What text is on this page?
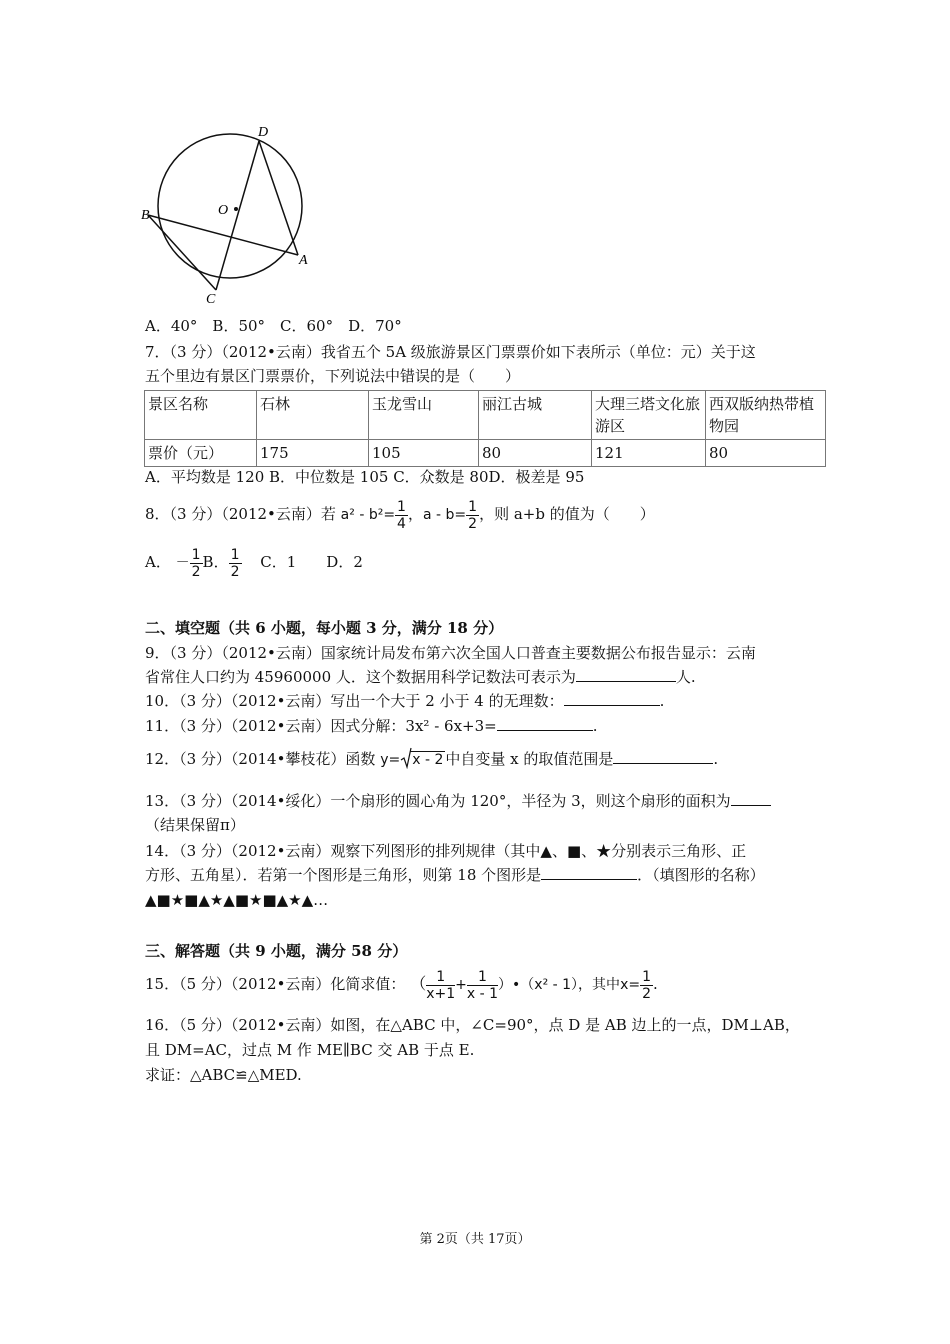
D
O
B
A
C
A．40°　B．50°　C．60°　D．70°
7．（3 分）（2012•云南）我省五个 5A 级旅游景区门票票价如下表所示（单位：元）关于这
五个里边有景区门票票价，下列说法中错误的是（　　）
景区名称	石林	玉龙雪山	丽江古城	大理三塔文化旅游区	西双版纳热带植物园
票价（元）	175	105	80	121	80
A．平均数是 120 B．中位数是 105 C．众数是 80D．极差是 95
8．（3 分）（2012•云南）若 $a^2 - b^2= \frac{1}{4}$ ，$a - b= \frac{1}{2}$ ，则 a+b 的值为（　　）
A． － $\frac{1}{2}$ B． $\frac{1}{2}$ C．1　　D．2
二、填空题（共 6 小题，每小题 3 分，满分 18 分）
9．（3 分）（2012•云南）国家统计局发布第六次全国人口普查主要数据公布报告显示：云南
省常住人口约为 45960000 人．这个数据用科学记数法可表示为	人.
10．（3 分）（2012•云南）写出一个大于 2 小于 4 的无理数：	.
11．（3 分）（2012•云南）因式分解：3x² - 6x+3=	.
12．（3 分）（2014•攀枝花）函数 y= x - 2 中自变量 x 的取值范围是	.
13．（3 分）（2014•绥化）一个扇形的圆心角为 120°，半径为 3，则这个扇形的面积为
（结果保留π）
14．（3 分）（2012•云南）观察下列图形的排列规律（其中▲、■、★分别表示三角形、正
方形、五角星）．若第一个图形是三角形，则第 18 个图形是	．（填图形的名称）
▲■★■▲★▲■★■▲★▲…
三、解答题（共 9 小题，满分 58 分）
15．（5 分）（2012•云南）化简求值： （ $\frac{1}{x+1} + \frac{1}{x - 1}$ ）•（x² - 1），其中$x= \frac{1}{2}$ .
16．（5 分）（2012•云南）如图，在△ABC 中，∠C=90°，点 D 是 AB 边上的一点，DM⊥AB，
且 DM=AC，过点 M 作 ME∥BC 交 AB 于点 E.
求证：△ABC≌△MED.
第 2页（共 17页）
